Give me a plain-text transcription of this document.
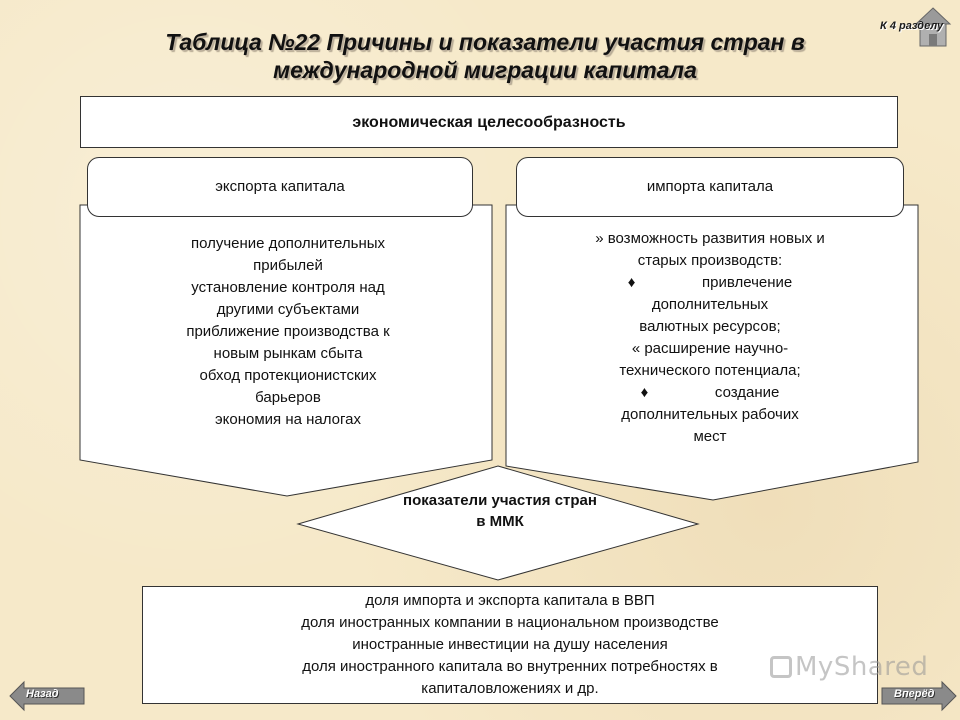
Таблица №22 Причины и показатели участия стран в международной миграции капитала
К 4 разделу
экономическая целесообразность
экспорта капитала	импорта капитала
получение дополнительных
прибылей
установление контроля над
другими субъектами
приближение производства к
новым рынкам сбыта
обход протекционистских
барьеров
экономия на налогах
» возможность развития новых и
старых производств:
♦                привлечение
дополнительных
валютных ресурсов;
« расширение научно-
технического потенциала;
♦                создание
дополнительных рабочих
мест
показатели участия стран в ММК
доля импорта и экспорта капитала в ВВП
доля иностранных компании в национальном производстве
иностранные инвестиции на душу населения
доля иностранного капитала во внутренних потребностях в
капиталовложениях и др.
MyShared
Назад	Вперёд
